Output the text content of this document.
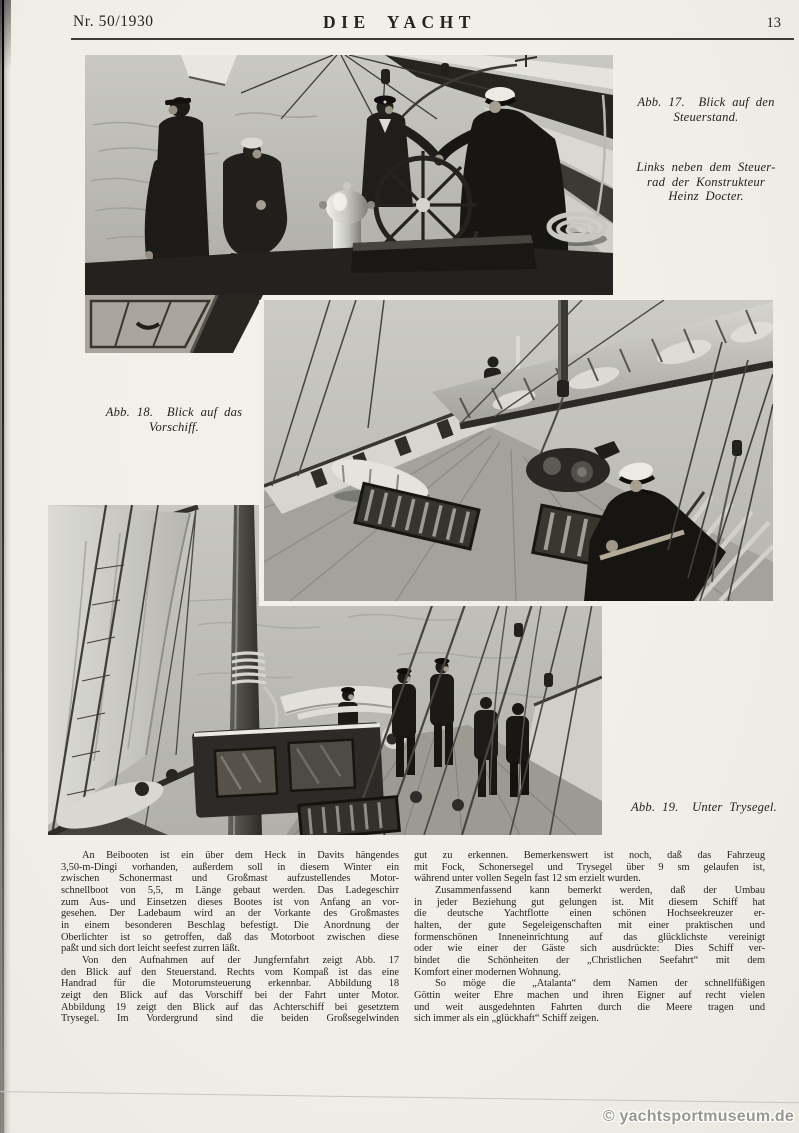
Nr. 50/1930	DIE YACHT	13

Abb. 17.  Blick auf den
Steuerstand.

Links neben dem Steuer-
rad der Konstrukteur
Heinz Docter.

Abb. 18.  Blick auf das
Vorschiff.
Abb. 19.  Unter Trysegel.
An Beibooten ist ein über dem Heck in Davits hängendes
3,50-m-Dingi vorhanden, außerdem soll in diesem Winter ein
zwischen Schonermast und Großmast aufzustellendes Motor-
schnellboot von 5,5, m Länge gebaut werden. Das Ladegeschirr
zum Aus- und Einsetzen dieses Bootes ist von Anfang an vor-
gesehen. Der Ladebaum wird an der Vorkante des Großmastes
in einem besonderen Beschlag befestigt. Die Anordnung der
Oberlichter ist so getroffen, daß das Motorboot zwischen diese
paßt und sich dort leicht seefest zurren läßt.
Von den Aufnahmen auf der Jungfernfahrt zeigt Abb. 17
den Blick auf den Steuerstand. Rechts vom Kompaß ist das eine
Handrad für die Motorumsteuerung erkennbar. Abbildung 18
zeigt den Blick auf das Vorschiff bei der Fahrt unter Motor.
Abbildung 19 zeigt den Blick auf das Achterschiff bei gesetztem
Trysegel. Im Vordergrund sind die beiden Großsegelwinden
gut zu erkennen. Bemerkenswert ist noch, daß das Fahrzeug
mit Fock, Schonersegel und Trysegel über 9 sm gelaufen ist,
während unter vollen Segeln fast 12 sm erzielt wurden.
Zusammenfassend kann bemerkt werden, daß der Umbau
in jeder Beziehung gut gelungen ist. Mit diesem Schiff hat
die deutsche Yachtflotte einen schönen Hochseekreuzer er-
halten, der gute Segeleigenschaften mit einer praktischen und
formenschönen Inneneinrichtung auf das glücklichste vereinigt
oder wie einer der Gäste sich ausdrückte: Dies Schiff ver-
bindet die Schönheiten der „Christlichen Seefahrt“ mit dem
Komfort einer modernen Wohnung.
So möge die „Atalanta“ dem Namen der schnellfüßigen
Göttin weiter Ehre machen und ihren Eigner auf recht vielen
und weit ausgedehnten Fahrten durch die Meere tragen und
sich immer als ein „glückhaft“ Schiff zeigen.
© yachtsportmuseum.de
